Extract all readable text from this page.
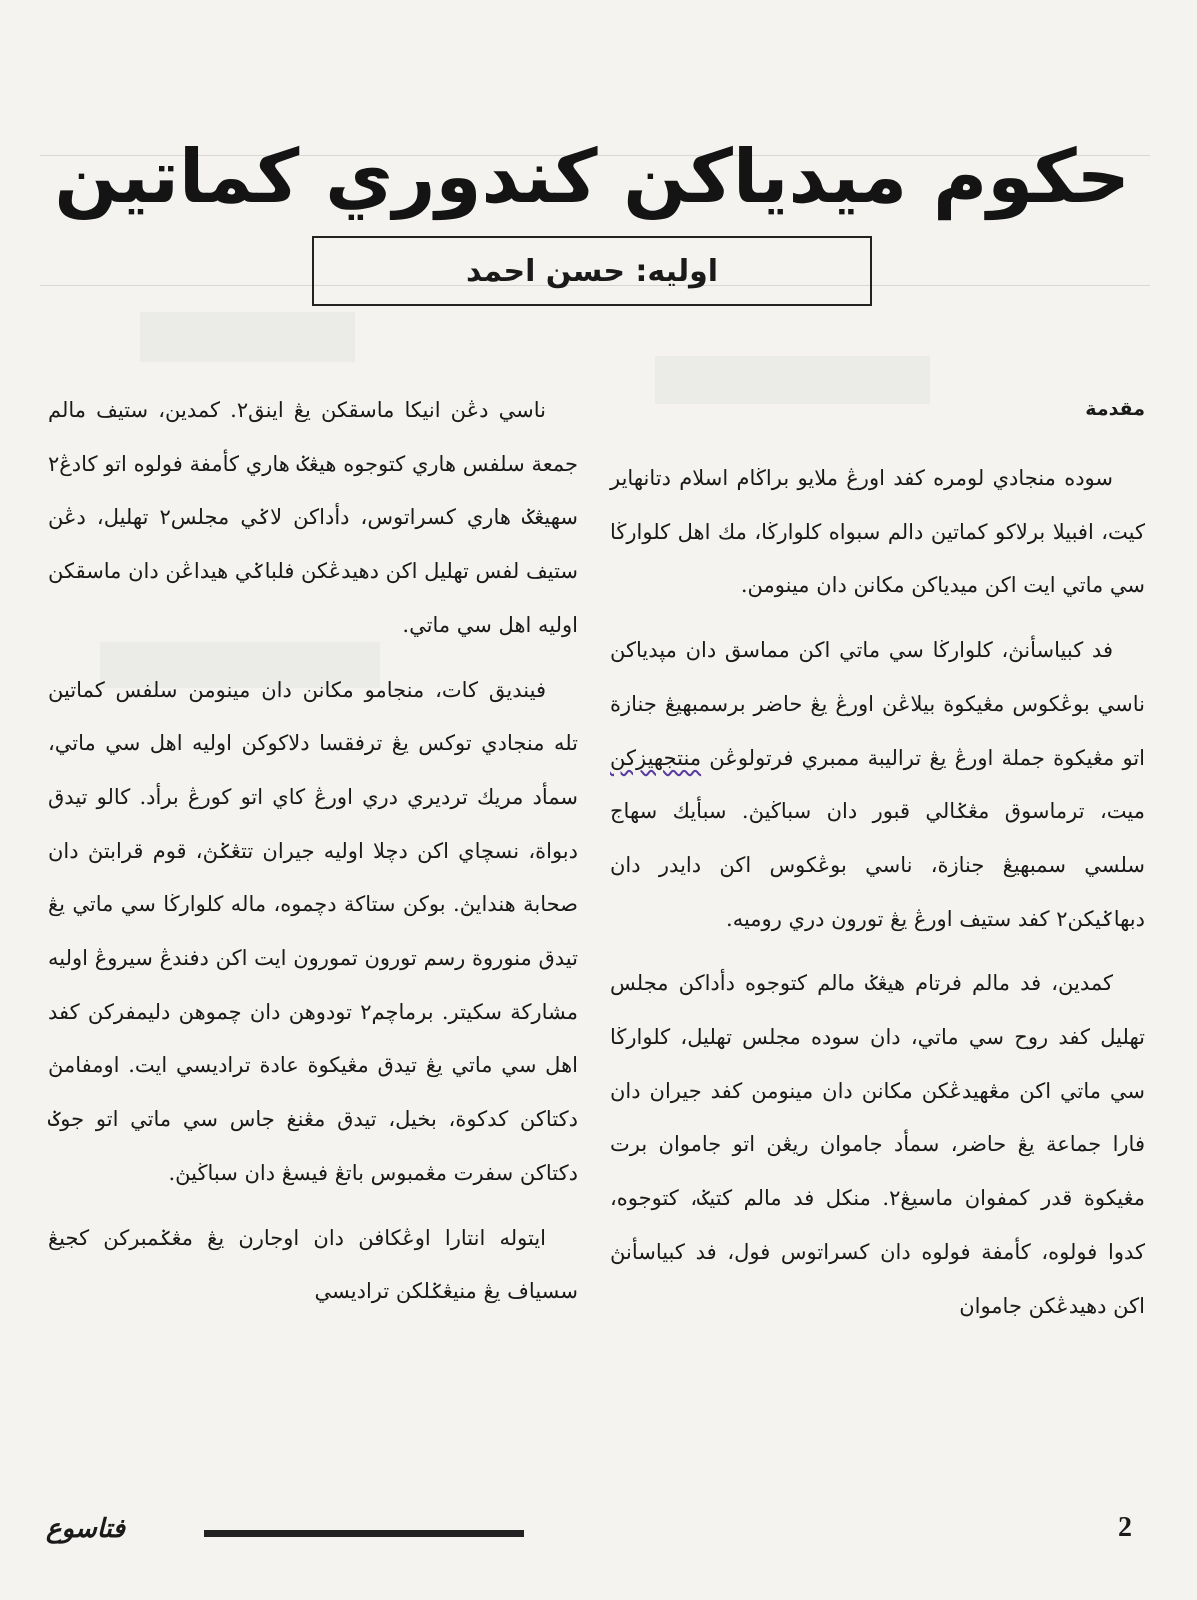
حكوم ميدياكن كندوري كماتين
اوليه: حسن احمد
مقدمة

سوده منجادي لومره كفد اورڠ ملايو براڬام اسلام دتانهاير كيت، افبيلا برلاكو كماتين دالم سبواه كلوارڬا، مك اهل كلوارڬا سي ماتي ايت اكن ميدياكن مكانن دان مينومن.

فد كبياسأنڽ، كلوارڬا سي ماتي اكن مماسق دان مڽدياكن ناسي بوڠكوس مڠيكوة بيلاڠن اورڠ يڠ حاضر برسمبهيڠ جنازة اتو مڠيكوة جملة اورڠ يڠ تراليبة ممبري فرتولوڠن منتجهيزكن ميت، ترماسوق مڠݢالي قبور دان سباڬيڽ. سبأيك سهاج سلسي سمبهيڠ جنازة، ناسي بوڠكوس اكن دايدر دان دبهاݢيكن٢ كفد ستيف اورڠ يڠ تورون دري روميه.

كمدين، فد مالم فرتام هيڠݢ مالم كتوجوه دأداكن مجلس تهليل كفد روح سي ماتي، دان سوده مجلس تهليل، كلوارڬا سي ماتي اكن مڠهيدڠكن مكانن دان مينومن كفد جيران دان فارا جماعة يڠ حاضر، سمأد جاموان ريڠن اتو جاموان برت مڠيكوة قدر كمفوان ماسيڠ٢. منكل فد مالم كتيݢ، كتوجوه، كدوا فولوه، كأمفة فولوه دان كسراتوس فول، فد كبياسأنڽ اكن دهيدڠكن جاموان

ناسي دڠن انيكا ماسقكن يڠ اينق٢. كمدين، ستيف مالم جمعة سلفس هاري كتوجوه هيڠݢ هاري كأمفة فولوه اتو كادڠ٢ سهيڠݢ هاري كسراتوس، دأداكن لاݢي مجلس٢ تهليل، دڠن ستيف لفس تهليل اكن دهيدڠكن فلباݢي هيداڠن دان ماسقكن اوليه اهل سي ماتي.

فينديق كات، منجامو مكانن دان مينومن سلفس كماتين تله منجادي توكس يڠ ترفقسا دلاكوكن اوليه اهل سي ماتي، سمأد مريك ترديري دري اورڠ كاي اتو كورڠ برأد. كالو تيدق دبواة، نسچاي اكن دچلا اوليه جيران تتڠݢڽ، قوم قرابتڽ دان صحابة هندايڽ. بوكن ستاكة دچموه، ماله كلوارڬا سي ماتي يڠ تيدق منوروة رسم تورون تمورون ايت اكن دفندڠ سيروڠ اوليه مشاركة سكيتر. برماچم٢ تودوهن دان چموهن دليمفركن كفد اهل سي ماتي يڠ تيدق مڠيكوة عادة تراديسي ايت. اومفامڽ دكتاكن كدكوة، بخيل، تيدق مڠنغ جاس سي ماتي اتو جوݢ دكتاكن سفرت مڠمبوس باتڠ فيسڠ دان سباڬيڽ.

ايتوله انتارا اوڠكافن دان اوجارن يڠ مڠݢمبركن كجيڠ سسياف يڠ منيڠݢلكن تراديسي

فتاسوع	2
